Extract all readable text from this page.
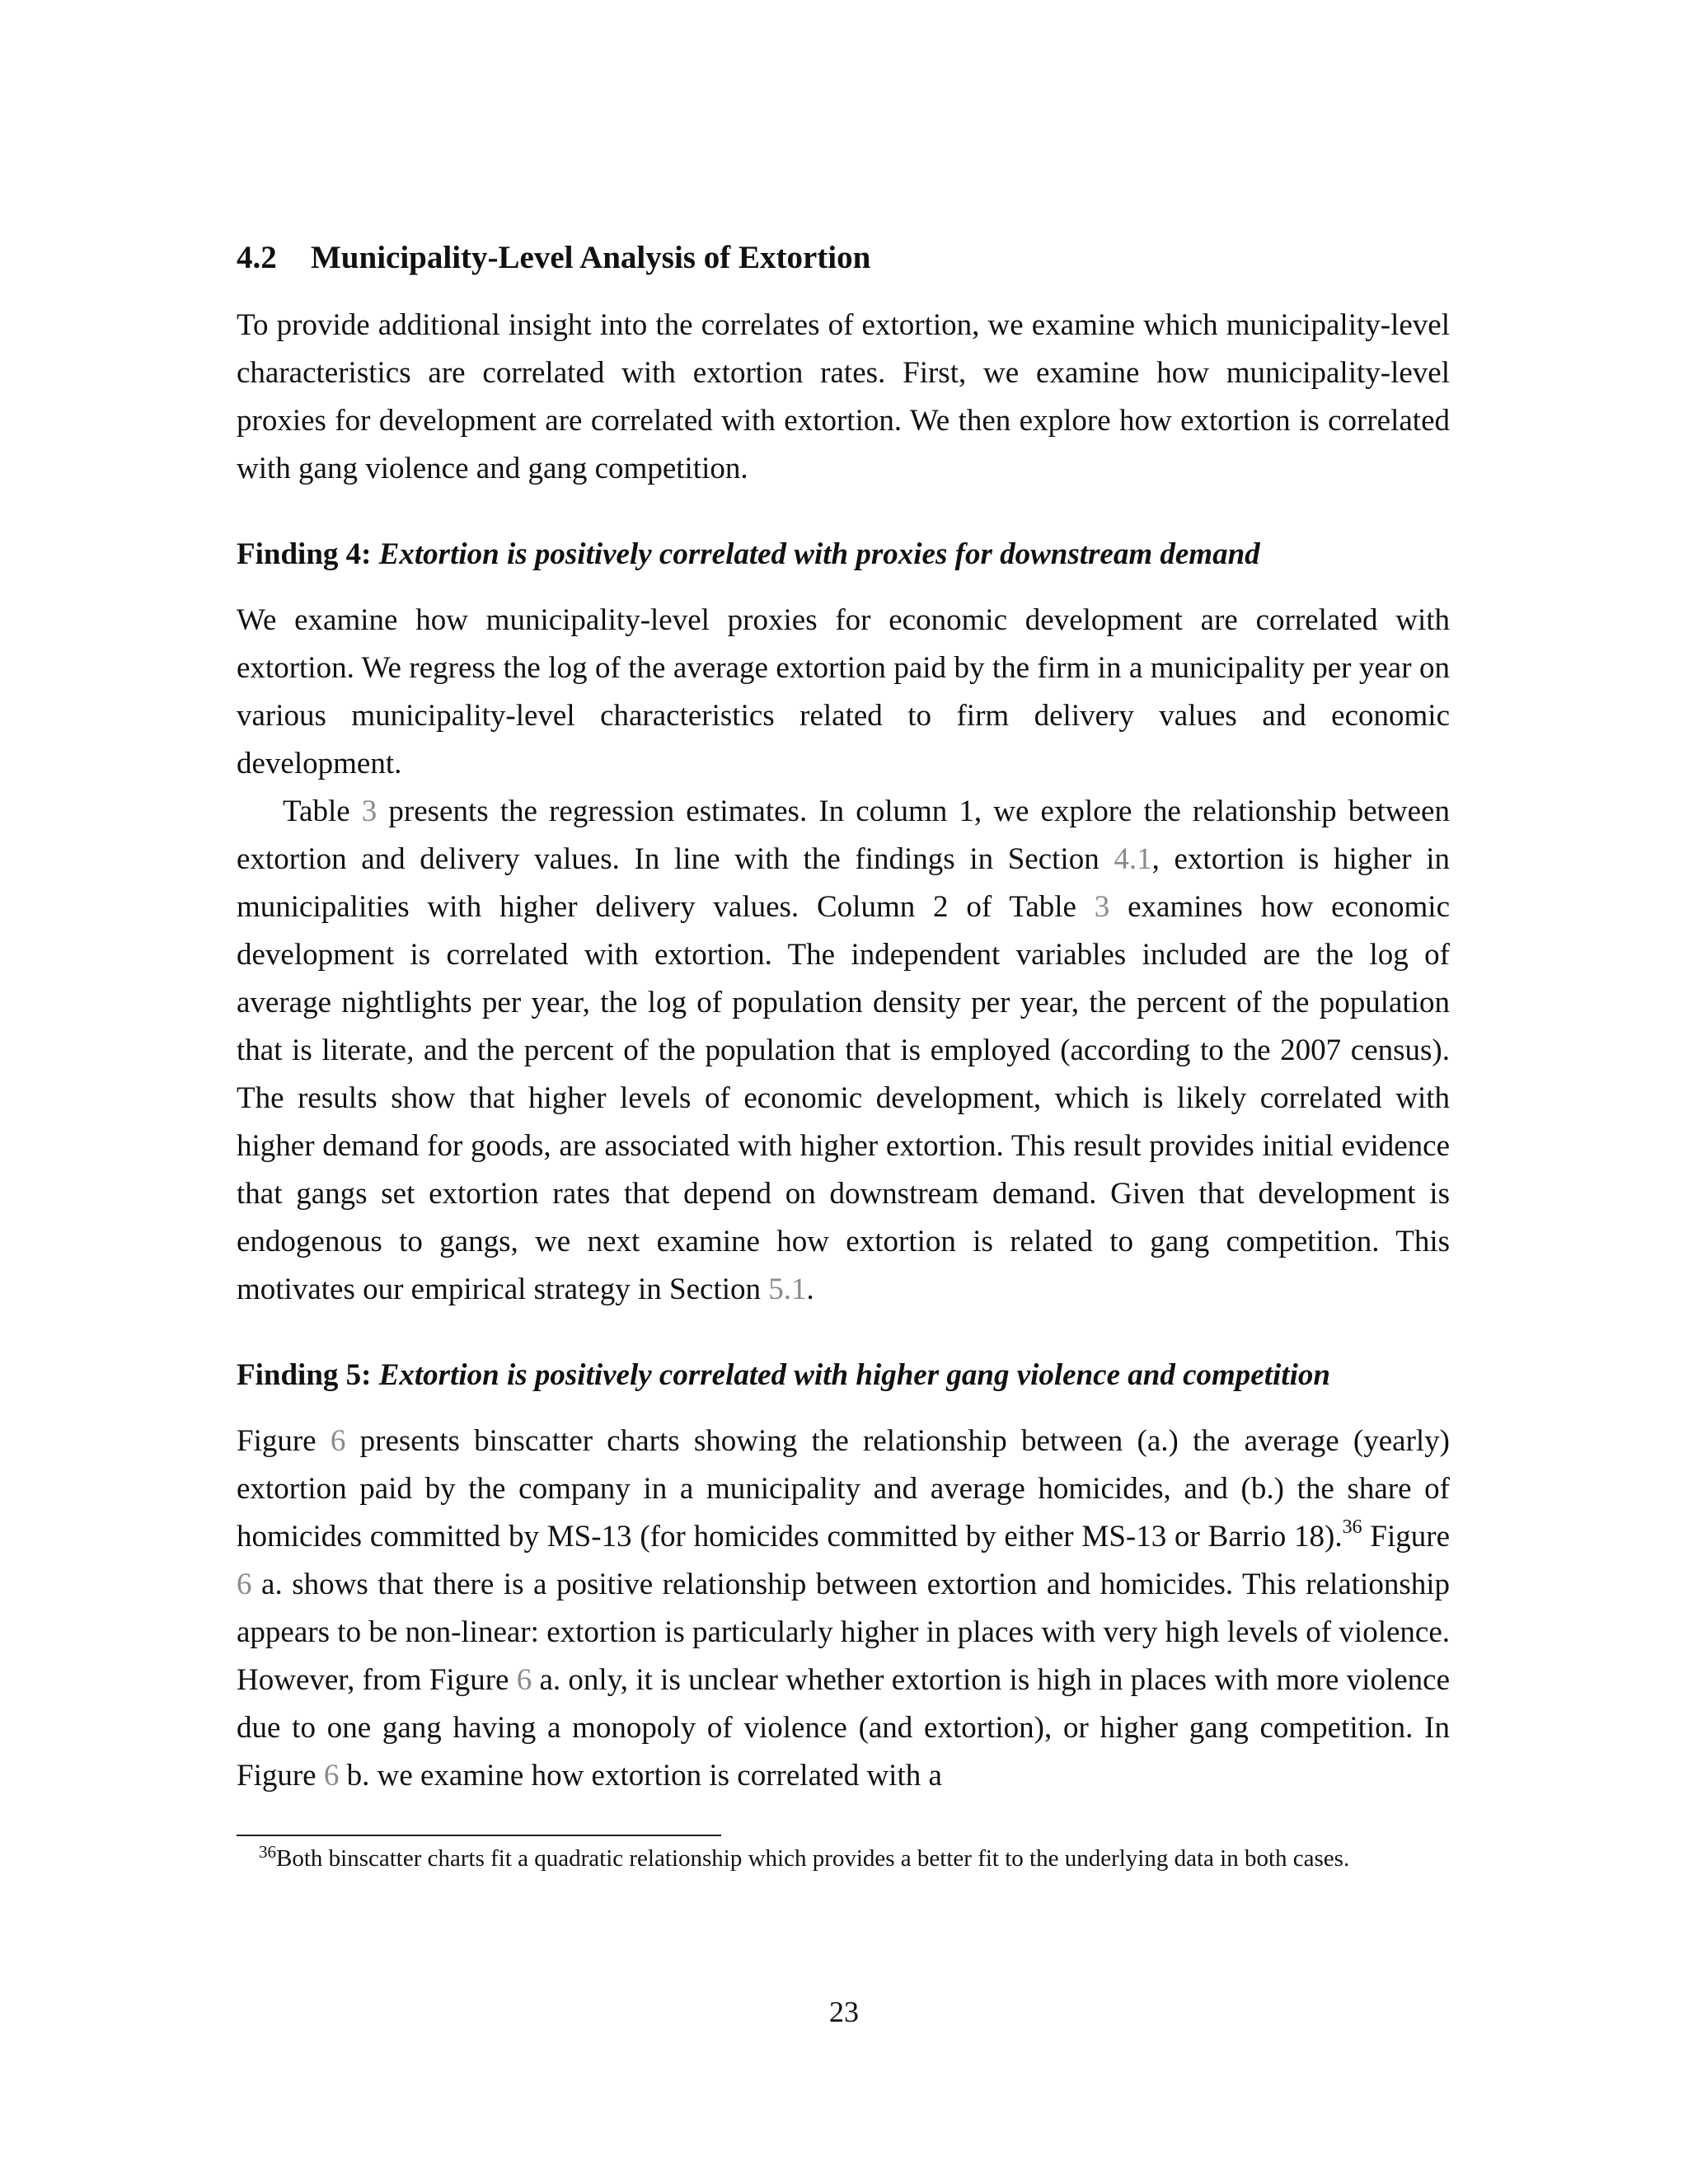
4.2 Municipality-Level Analysis of Extortion

To provide additional insight into the correlates of extortion, we examine which municipality-level characteristics are correlated with extortion rates. First, we examine how municipality-level proxies for development are correlated with extortion. We then explore how extortion is correlated with gang violence and gang competition.

Finding 4: Extortion is positively correlated with proxies for downstream demand

We examine how municipality-level proxies for economic development are correlated with extortion. We regress the log of the average extortion paid by the firm in a municipality per year on various municipality-level characteristics related to firm delivery values and economic development.

Table 3 presents the regression estimates. In column 1, we explore the relationship between extortion and delivery values. In line with the findings in Section 4.1, extortion is higher in municipalities with higher delivery values. Column 2 of Table 3 examines how economic development is correlated with extortion. The independent variables included are the log of average nightlights per year, the log of population density per year, the percent of the population that is literate, and the percent of the population that is employed (according to the 2007 census). The results show that higher levels of economic development, which is likely correlated with higher demand for goods, are associated with higher extortion. This result provides initial evidence that gangs set extortion rates that depend on downstream demand. Given that development is endogenous to gangs, we next examine how extortion is related to gang competition. This motivates our empirical strategy in Section 5.1.

Finding 5: Extortion is positively correlated with higher gang violence and competition

Figure 6 presents binscatter charts showing the relationship between (a.) the average (yearly) extortion paid by the company in a municipality and average homicides, and (b.) the share of homicides committed by MS-13 (for homicides committed by either MS-13 or Barrio 18).$^{36}$ Figure 6 a. shows that there is a positive relationship between extortion and homicides. This relationship appears to be non-linear: extortion is particularly higher in places with very high levels of violence. However, from Figure 6 a. only, it is unclear whether extortion is high in places with more violence due to one gang having a monopoly of violence (and extortion), or higher gang competition. In Figure 6 b. we examine how extortion is correlated with a

$^{36}$Both binscatter charts fit a quadratic relationship which provides a better fit to the underlying data in both cases.
23
